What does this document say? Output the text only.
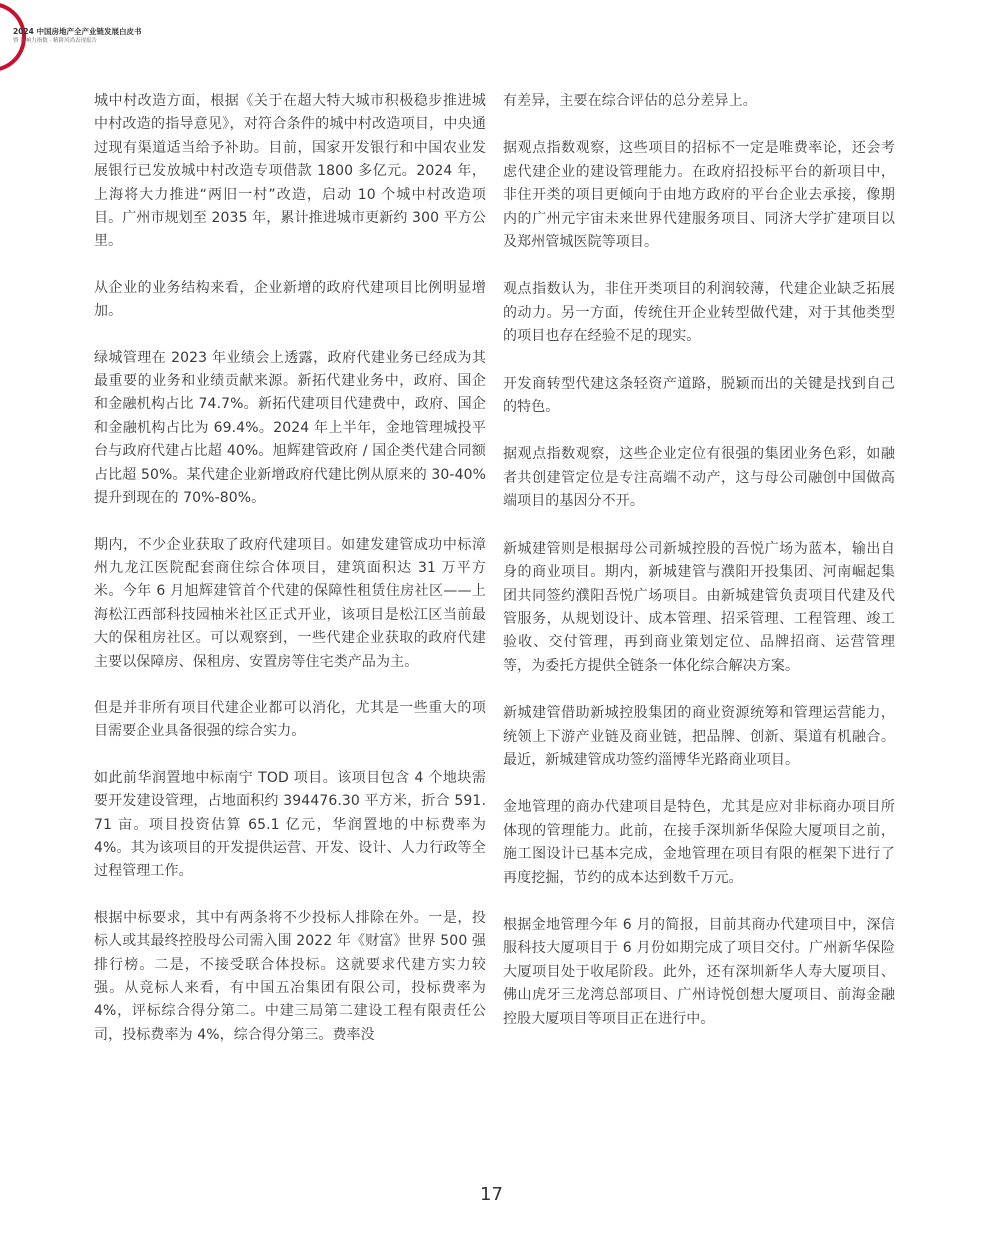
2024 中国房地产全产业链发展白皮书
暨 影响力指数 · 精耕风尚表现报告

城中村改造方面，根据《关于在超大特大城市积极稳步推进城中村改造的指导意见》，对符合条件的城中村改造项目，中央通过现有渠道适当给予补助。目前，国家开发银行和中国农业发展银行已发放城中村改造专项借款 1800 多亿元。2024 年，上海将大力推进“两旧一村”改造，启动 10 个城中村改造项目。广州市规划至 2035 年，累计推进城市更新约 300 平方公里。

从企业的业务结构来看，企业新增的政府代建项目比例明显增加。

绿城管理在 2023 年业绩会上透露，政府代建业务已经成为其最重要的业务和业绩贡献来源。新拓代建业务中，政府、国企和金融机构占比 74.7%。新拓代建项目代建费中，政府、国企和金融机构占比为 69.4%。2024 年上半年，金地管理城投平台与政府代建占比超 40%。旭辉建管政府 / 国企类代建合同额占比超 50%。某代建企业新增政府代建比例从原来的 30-40% 提升到现在的 70%-80%。

期内，不少企业获取了政府代建项目。如建发建管成功中标漳州九龙江医院配套商住综合体项目，建筑面积达 31 万平方米。今年 6 月旭辉建管首个代建的保障性租赁住房社区——上海松江西部科技园柚米社区正式开业，该项目是松江区当前最大的保租房社区。可以观察到，一些代建企业获取的政府代建主要以保障房、保租房、安置房等住宅类产品为主。

但是并非所有项目代建企业都可以消化，尤其是一些重大的项目需要企业具备很强的综合实力。

如此前华润置地中标南宁 TOD 项目。该项目包含 4 个地块需要开发建设管理，占地面积约 394476.30 平方米，折合 591.71 亩。项目投资估算 65.1 亿元，华润置地的中标费率为 4%。其为该项目的开发提供运营、开发、设计、人力行政等全过程管理工作。

根据中标要求，其中有两条将不少投标人排除在外。一是，投标人或其最终控股母公司需入围 2022 年《财富》世界 500 强排行榜。二是，不接受联合体投标。这就要求代建方实力较强。从竞标人来看，有中国五冶集团有限公司，投标费率为 4%，评标综合得分第二。中建三局第二建设工程有限责任公司，投标费率为 4%，综合得分第三。费率没

有差异，主要在综合评估的总分差异上。

据观点指数观察，这些项目的招标不一定是唯费率论，还会考虑代建企业的建设管理能力。在政府招投标平台的新项目中，非住开类的项目更倾向于由地方政府的平台企业去承接，像期内的广州元宇宙未来世界代建服务项目、同济大学扩建项目以及郑州管城医院等项目。

观点指数认为，非住开类项目的利润较薄，代建企业缺乏拓展的动力。另一方面，传统住开企业转型做代建，对于其他类型的项目也存在经验不足的现实。

开发商转型代建这条轻资产道路，脱颖而出的关键是找到自己的特色。

据观点指数观察，这些企业定位有很强的集团业务色彩，如融者共创建管定位是专注高端不动产，这与母公司融创中国做高端项目的基因分不开。

新城建管则是根据母公司新城控股的吾悦广场为蓝本，输出自身的商业项目。期内，新城建管与濮阳开投集团、河南崛起集团共同签约濮阳吾悦广场项目。由新城建管负责项目代建及代管服务，从规划设计、成本管理、招采管理、工程管理、竣工验收、交付管理，再到商业策划定位、品牌招商、运营管理等，为委托方提供全链条一体化综合解决方案。

新城建管借助新城控股集团的商业资源统筹和管理运营能力，统领上下游产业链及商业链，把品牌、创新、渠道有机融合。最近，新城建管成功签约淄博华光路商业项目。

金地管理的商办代建项目是特色，尤其是应对非标商办项目所体现的管理能力。此前，在接手深圳新华保险大厦项目之前，施工图设计已基本完成，金地管理在项目有限的框架下进行了再度挖掘，节约的成本达到数千万元。

根据金地管理今年 6 月的简报，目前其商办代建项目中，深信服科技大厦项目于 6 月份如期完成了项目交付。广州新华保险大厦项目处于收尾阶段。此外，还有深圳新华人寿大厦项目、佛山虎牙三龙湾总部项目、广州诗悦创想大厦项目、前海金融控股大厦项目等项目正在进行中。

17
